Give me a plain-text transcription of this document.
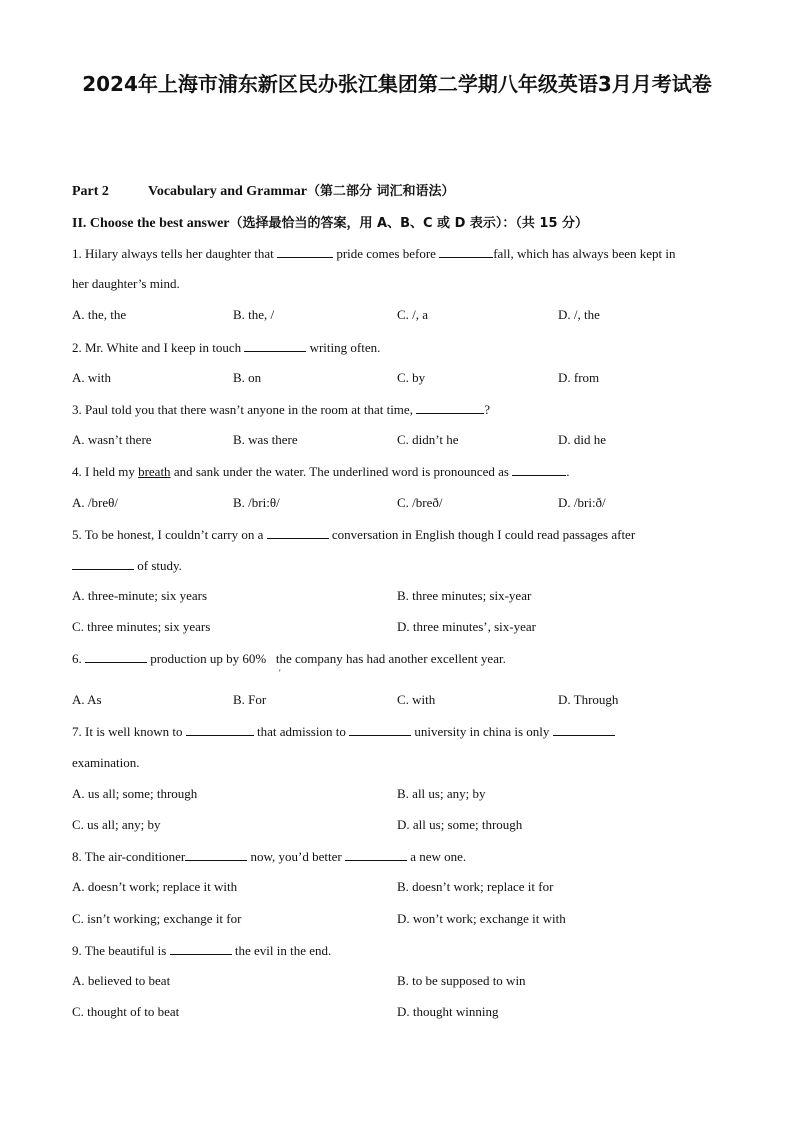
2024年上海市浦东新区民办张江集团第二学期八年级英语3月月考试卷
Part 2	Vocabulary and Grammar（第二部分 词汇和语法）
II. Choose the best answer（选择最恰当的答案，用 A、B、C 或 D 表示）：（共 15 分）
1. Hilary always tells her daughter that	pride comes before	fall, which has always been kept in
her daughter’s mind.
A. the, the	B. the, /	C. /, a	D. /, the
2. Mr. White and I keep in touch	writing often.
A. with	B. on	C. by	D. from
3. Paul told you that there wasn’t anyone in the room at that time,	?
A. wasn’t there	B. was there	C. didn’t he	D. did he
4. I held my breath and sank under the water. The underlined word is pronounced as	.
A. /breθ/	B. /bri:θ/	C. /breð/	D. /bri:ð/
5. To be honest, I couldn’t carry on a	conversation in English though I could read passages after
of study.
A. three-minute; six years	B. three minutes; six-year
C. three minutes; six years	D. three minutes’, six-year
6.	production up by 60% the company has had another excellent year.
'
A. As	B. For	C. with	D. Through
7. It is well known to	that admission to	university in china is only
examination.
A. us all; some; through	B. all us; any; by
C. us all; any; by	D. all us; some; through
8. The air-conditioner	now, you’d better	a new one.
A. doesn’t work; replace it with	B. doesn’t work; replace it for
C. isn’t working; exchange it for	D. won’t work; exchange it with
9. The beautiful is	the evil in the end.
A. believed to beat	B. to be supposed to win
C. thought of to beat	D. thought winning
